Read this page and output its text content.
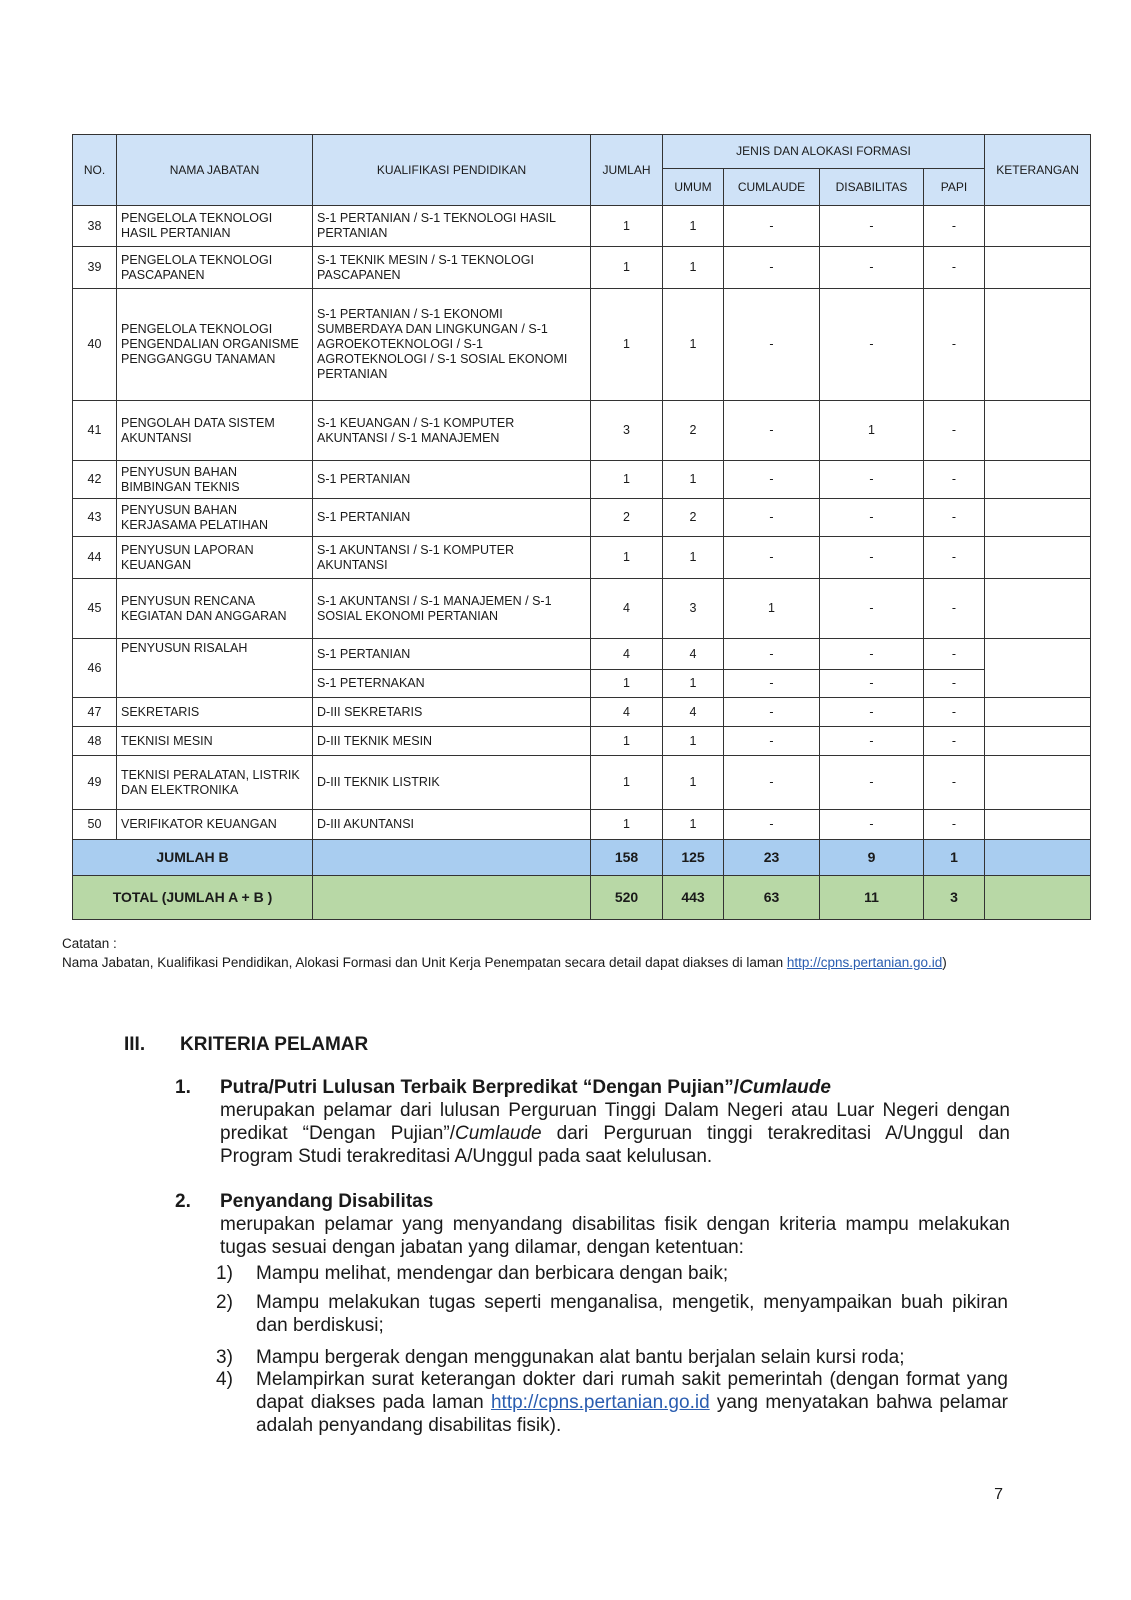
NO.	NAMA JABATAN	KUALIFIKASI PENDIDIKAN	JUMLAH	JENIS DAN ALOKASI FORMASI				KETERANGAN
				UMUM	CUMLAUDE	DISABILITAS	PAPI	
38	PENGELOLA TEKNOLOGI HASIL PERTANIAN	S-1 PERTANIAN / S-1 TEKNOLOGI HASIL PERTANIAN	1	1	-	-	-	
39	PENGELOLA TEKNOLOGI PASCAPANEN	S-1 TEKNIK MESIN / S-1 TEKNOLOGI PASCAPANEN	1	1	-	-	-	
40	PENGELOLA TEKNOLOGI PENGENDALIAN ORGANISME PENGGANGGU TANAMAN	S-1 PERTANIAN / S-1 EKONOMI SUMBERDAYA DAN LINGKUNGAN / S-1 AGROEKOTEKNOLOGI / S-1 AGROTEKNOLOGI / S-1 SOSIAL EKONOMI PERTANIAN	1	1	-	-	-	
41	PENGOLAH DATA SISTEM AKUNTANSI	S-1 KEUANGAN / S-1 KOMPUTER AKUNTANSI / S-1 MANAJEMEN	3	2	-	1	-	
42	PENYUSUN BAHAN BIMBINGAN TEKNIS	S-1 PERTANIAN	1	1	-	-	-	
43	PENYUSUN BAHAN KERJASAMA PELATIHAN	S-1 PERTANIAN	2	2	-	-	-	
44	PENYUSUN LAPORAN KEUANGAN	S-1 AKUNTANSI / S-1 KOMPUTER AKUNTANSI	1	1	-	-	-	
45	PENYUSUN RENCANA KEGIATAN DAN ANGGARAN	S-1 AKUNTANSI / S-1 MANAJEMEN / S-1 SOSIAL EKONOMI PERTANIAN	4	3	1	-	-	
46	PENYUSUN RISALAH	S-1 PERTANIAN	4	4	-	-	-	
		S-1 PETERNAKAN	1	1	-	-	-	
47	SEKRETARIS	D-III SEKRETARIS	4	4	-	-	-	
48	TEKNISI MESIN	D-III TEKNIK MESIN	1	1	-	-	-	
49	TEKNISI PERALATAN, LISTRIK DAN ELEKTRONIKA	D-III TEKNIK LISTRIK	1	1	-	-	-	
50	VERIFIKATOR KEUANGAN	D-III AKUNTANSI	1	1	-	-	-	
JUMLAH B			158	125	23	9	1	
TOTAL (JUMLAH A + B )			520	443	63	11	3	
Catatan :
Nama Jabatan, Kualifikasi Pendidikan, Alokasi Formasi dan Unit Kerja Penempatan secara detail dapat diakses di laman http://cpns.pertanian.go.id)
III. KRITERIA PELAMAR
1.	Putra/Putri Lulusan Terbaik Berpredikat “Dengan Pujian”/Cumlaude
merupakan pelamar dari lulusan Perguruan Tinggi Dalam Negeri atau Luar Negeri dengan predikat “Dengan Pujian”/Cumlaude dari Perguruan tinggi terakreditasi A/Unggul dan Program Studi terakreditasi A/Unggul pada saat kelulusan.
2.	Penyandang Disabilitas
merupakan pelamar yang menyandang disabilitas fisik dengan kriteria mampu melakukan tugas sesuai dengan jabatan yang dilamar, dengan ketentuan:
1)	Mampu melihat, mendengar dan berbicara dengan baik;
2)	Mampu melakukan tugas seperti menganalisa, mengetik, menyampaikan buah pikiran dan berdiskusi;
3)	Mampu bergerak dengan menggunakan alat bantu berjalan selain kursi roda;
4)	Melampirkan surat keterangan dokter dari rumah sakit pemerintah (dengan format yang dapat diakses pada laman http://cpns.pertanian.go.id yang menyatakan bahwa pelamar adalah penyandang disabilitas fisik).
7
